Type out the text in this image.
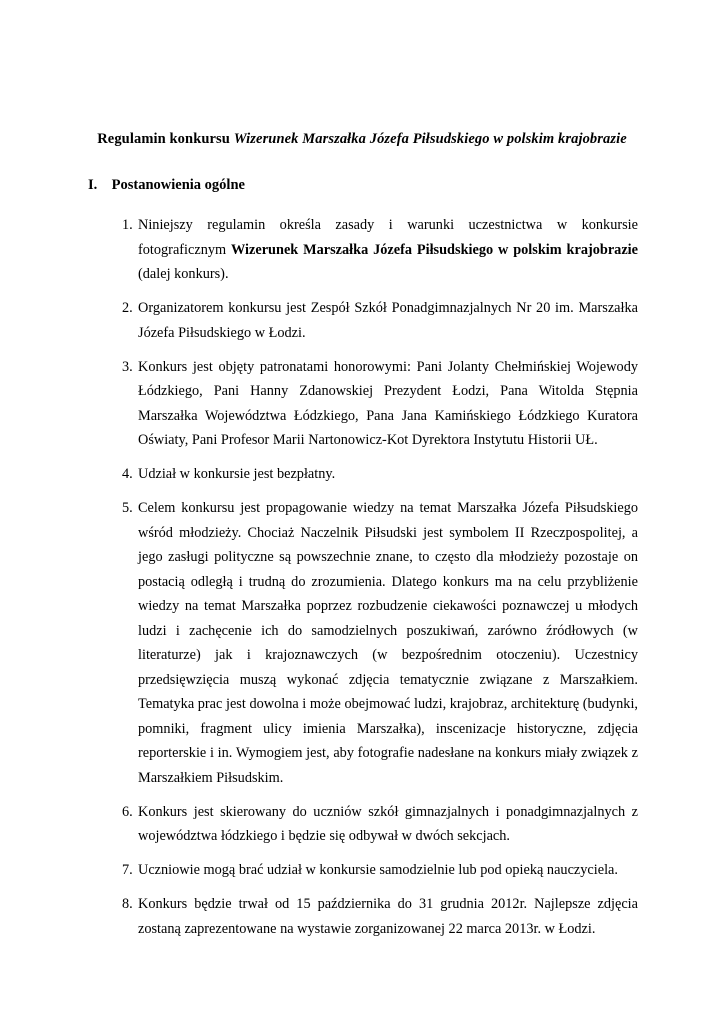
Regulamin konkursu Wizerunek Marszałka Józefa Piłsudskiego w polskim krajobrazie
I. Postanowienia ogólne
1. Niniejszy regulamin określa zasady i warunki uczestnictwa w konkursie fotograficznym Wizerunek Marszałka Józefa Piłsudskiego w polskim krajobrazie (dalej konkurs).
2. Organizatorem konkursu jest Zespół Szkół Ponadgimnazjalnych Nr 20 im. Marszałka Józefa Piłsudskiego w Łodzi.
3. Konkurs jest objęty patronatami honorowymi: Pani Jolanty Chełmińskiej Wojewody Łódzkiego, Pani Hanny Zdanowskiej Prezydent Łodzi, Pana Witolda Stępnia Marszałka Województwa Łódzkiego, Pana Jana Kamińskiego Łódzkiego Kuratora Oświaty, Pani Profesor Marii Nartonowicz-Kot Dyrektora Instytutu Historii UŁ.
4. Udział w konkursie jest bezpłatny.
5. Celem konkursu jest propagowanie wiedzy na temat Marszałka Józefa Piłsudskiego wśród młodzieży. Chociaż Naczelnik Piłsudski jest symbolem II Rzeczpospolitej, a jego zasługi polityczne są powszechnie znane, to często dla młodzieży pozostaje on postacią odległą i trudną do zrozumienia. Dlatego konkurs ma na celu przybliżenie wiedzy na temat Marszałka poprzez rozbudzenie ciekawości poznawczej u młodych ludzi i zachęcenie ich do samodzielnych poszukiwań, zarówno źródłowych (w literaturze) jak i krajoznawczych (w bezpośrednim otoczeniu). Uczestnicy przedsięwzięcia muszą wykonać zdjęcia tematycznie związane z Marszałkiem. Tematyka prac jest dowolna i może obejmować ludzi, krajobraz, architekturę (budynki, pomniki, fragment ulicy imienia Marszałka), inscenizacje historyczne, zdjęcia reporterskie i in. Wymogiem jest, aby fotografie nadesłane na konkurs miały związek z Marszałkiem Piłsudskim.
6. Konkurs jest skierowany do uczniów szkół gimnazjalnych i ponadgimnazjalnych z województwa łódzkiego i będzie się odbywał w dwóch sekcjach.
7. Uczniowie mogą brać udział w konkursie samodzielnie lub pod opieką nauczyciela.
8. Konkurs będzie trwał od 15 października do 31 grudnia 2012r. Najlepsze zdjęcia zostaną zaprezentowane na wystawie zorganizowanej 22 marca 2013r. w Łodzi.
